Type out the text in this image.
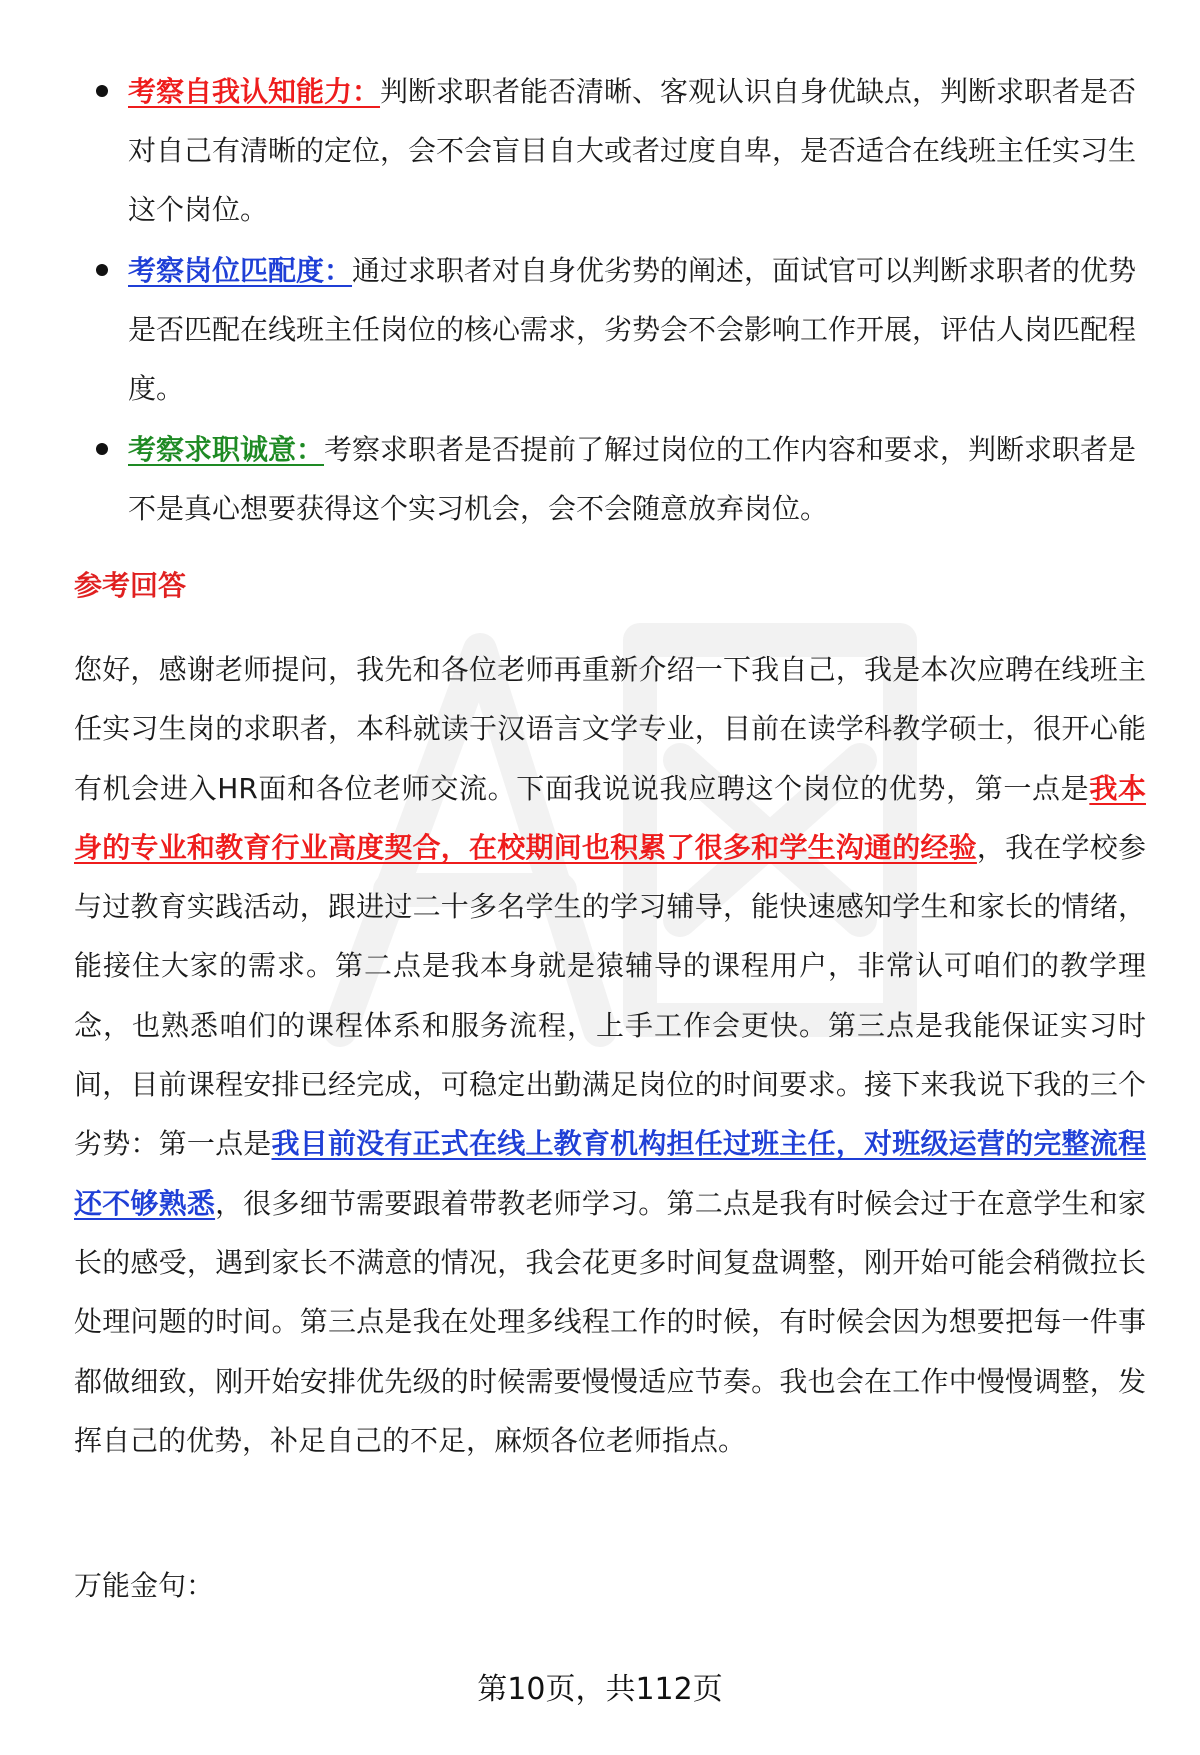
考察自我认知能力：判断求职者能否清晰、客观认识自身优缺点，判断求职者是否对自己有清晰的定位，会不会盲目自大或者过度自卑，是否适合在线班主任实习生这个岗位。
考察岗位匹配度：通过求职者对自身优劣势的阐述，面试官可以判断求职者的优势是否匹配在线班主任岗位的核心需求，劣势会不会影响工作开展，评估人岗匹配程度。
考察求职诚意：考察求职者是否提前了解过岗位的工作内容和要求，判断求职者是不是真心想要获得这个实习机会，会不会随意放弃岗位。
参考回答

您好，感谢老师提问，我先和各位老师再重新介绍一下我自己，我是本次应聘在线班主任实习生岗的求职者，本科就读于汉语言文学专业，目前在读学科教学硕士，很开心能有机会进入HR面和各位老师交流。下面我说说我应聘这个岗位的优势，第一点是我本身的专业和教育行业高度契合，在校期间也积累了很多和学生沟通的经验，我在学校参与过教育实践活动，跟进过二十多名学生的学习辅导，能快速感知学生和家长的情绪，能接住大家的需求。第二点是我本身就是猿辅导的课程用户，非常认可咱们的教学理念，也熟悉咱们的课程体系和服务流程，上手工作会更快。第三点是我能保证实习时间，目前课程安排已经完成，可稳定出勤满足岗位的时间要求。接下来我说下我的三个劣势：第一点是我目前没有正式在线上教育机构担任过班主任，对班级运营的完整流程还不够熟悉，很多细节需要跟着带教老师学习。第二点是我有时候会过于在意学生和家长的感受，遇到家长不满意的情况，我会花更多时间复盘调整，刚开始可能会稍微拉长处理问题的时间。第三点是我在处理多线程工作的时候，有时候会因为想要把每一件事都做细致，刚开始安排优先级的时候需要慢慢适应节奏。我也会在工作中慢慢调整，发挥自己的优势，补足自己的不足，麻烦各位老师指点。

万能金句：

第10页，共112页
